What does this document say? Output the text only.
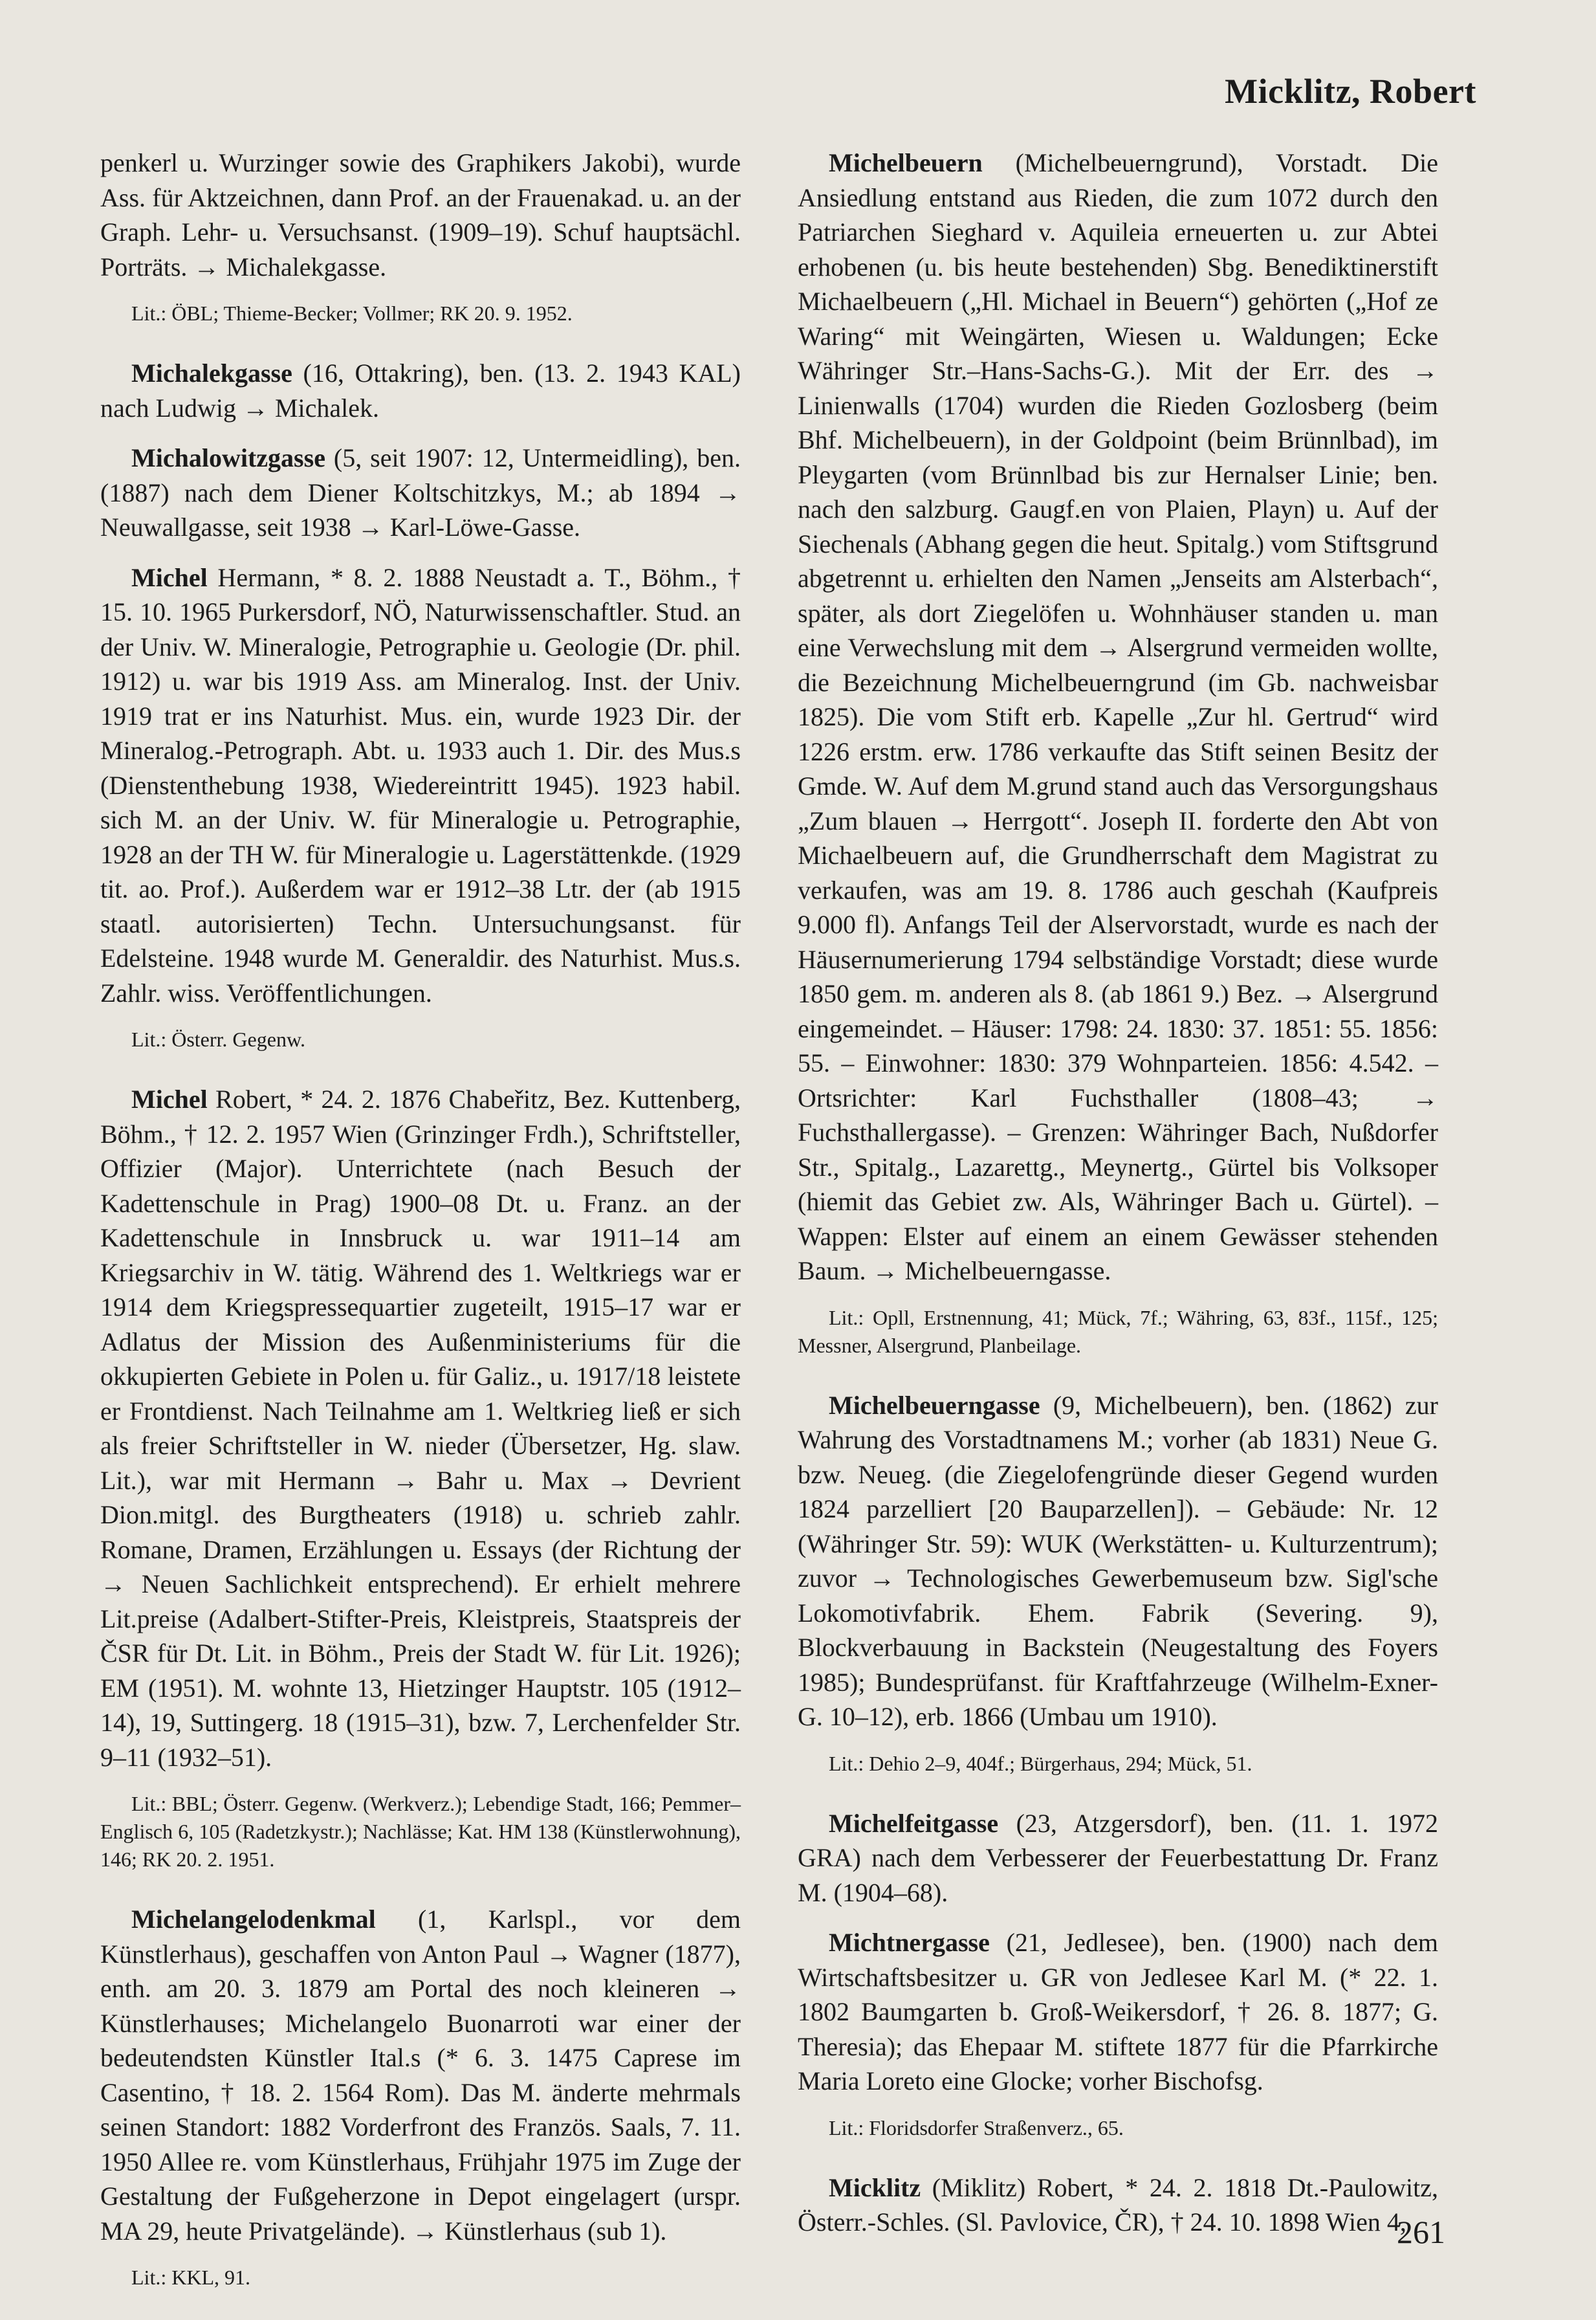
Micklitz, Robert

penkerl u. Wurzinger sowie des Graphikers Jakobi), wurde Ass. für Aktzeichnen, dann Prof. an der Frauenakad. u. an der Graph. Lehr- u. Versuchsanst. (1909–19). Schuf hauptsächl. Porträts. → Michalekgasse.

Lit.: ÖBL; Thieme-Becker; Vollmer; RK 20. 9. 1952.

Michalekgasse (16, Ottakring), ben. (13. 2. 1943 KAL) nach Ludwig → Michalek.

Michalowitzgasse (5, seit 1907: 12, Untermeidling), ben. (1887) nach dem Diener Koltschitzkys, M.; ab 1894 → Neuwallgasse, seit 1938 → Karl-Löwe-Gasse.

Michel Hermann, * 8. 2. 1888 Neustadt a. T., Böhm., † 15. 10. 1965 Purkersdorf, NÖ, Naturwissenschaftler. Stud. an der Univ. W. Mineralogie, Petrographie u. Geologie (Dr. phil. 1912) u. war bis 1919 Ass. am Mineralog. Inst. der Univ. 1919 trat er ins Naturhist. Mus. ein, wurde 1923 Dir. der Mineralog.-Petrograph. Abt. u. 1933 auch 1. Dir. des Mus.s (Dienstenthebung 1938, Wiedereintritt 1945). 1923 habil. sich M. an der Univ. W. für Mineralogie u. Petrographie, 1928 an der TH W. für Mineralogie u. Lagerstättenkde. (1929 tit. ao. Prof.). Außerdem war er 1912–38 Ltr. der (ab 1915 staatl. autorisierten) Techn. Untersuchungsanst. für Edelsteine. 1948 wurde M. Generaldir. des Naturhist. Mus.s. Zahlr. wiss. Veröffentlichungen.

Lit.: Österr. Gegenw.

Michel Robert, * 24. 2. 1876 Chabeřitz, Bez. Kuttenberg, Böhm., † 12. 2. 1957 Wien (Grinzinger Frdh.), Schriftsteller, Offizier (Major). Unterrichtete (nach Besuch der Kadettenschule in Prag) 1900–08 Dt. u. Franz. an der Kadettenschule in Innsbruck u. war 1911–14 am Kriegsarchiv in W. tätig. Während des 1. Weltkriegs war er 1914 dem Kriegspressequartier zugeteilt, 1915–17 war er Adlatus der Mission des Außenministeriums für die okkupierten Gebiete in Polen u. für Galiz., u. 1917/18 leistete er Frontdienst. Nach Teilnahme am 1. Weltkrieg ließ er sich als freier Schriftsteller in W. nieder (Übersetzer, Hg. slaw. Lit.), war mit Hermann → Bahr u. Max → Devrient Dion.mitgl. des Burgtheaters (1918) u. schrieb zahlr. Romane, Dramen, Erzählungen u. Essays (der Richtung der → Neuen Sachlichkeit entsprechend). Er erhielt mehrere Lit.preise (Adalbert-Stifter-Preis, Kleistpreis, Staatspreis der ČSR für Dt. Lit. in Böhm., Preis der Stadt W. für Lit. 1926); EM (1951). M. wohnte 13, Hietzinger Hauptstr. 105 (1912–14), 19, Suttingerg. 18 (1915–31), bzw. 7, Lerchenfelder Str. 9–11 (1932–51).

Lit.: BBL; Österr. Gegenw. (Werkverz.); Lebendige Stadt, 166; Pemmer–Englisch 6, 105 (Radetzkystr.); Nachlässe; Kat. HM 138 (Künstlerwohnung), 146; RK 20. 2. 1951.

Michelangelodenkmal (1, Karlspl., vor dem Künstlerhaus), geschaffen von Anton Paul → Wagner (1877), enth. am 20. 3. 1879 am Portal des noch kleineren → Künstlerhauses; Michelangelo Buonarroti war einer der bedeutendsten Künstler Ital.s (* 6. 3. 1475 Caprese im Casentino, † 18. 2. 1564 Rom). Das M. änderte mehrmals seinen Standort: 1882 Vorderfront des Französ. Saals, 7. 11. 1950 Allee re. vom Künstlerhaus, Frühjahr 1975 im Zuge der Gestaltung der Fußgeherzone in Depot eingelagert (urspr. MA 29, heute Privatgelände). → Künstlerhaus (sub 1).

Lit.: KKL, 91.

Michelbeuern (Michelbeuerngrund), Vorstadt. Die Ansiedlung entstand aus Rieden, die zum 1072 durch den Patriarchen Sieghard v. Aquileia erneuerten u. zur Abtei erhobenen (u. bis heute bestehenden) Sbg. Benediktinerstift Michaelbeuern („Hl. Michael in Beuern“) gehörten („Hof ze Waring“ mit Weingärten, Wiesen u. Waldungen; Ecke Währinger Str.–Hans-Sachs-G.). Mit der Err. des → Linienwalls (1704) wurden die Rieden Gozlosberg (beim Bhf. Michelbeuern), in der Goldpoint (beim Brünnlbad), im Pleygarten (vom Brünnlbad bis zur Hernalser Linie; ben. nach den salzburg. Gaugf.en von Plaien, Playn) u. Auf der Siechenals (Abhang gegen die heut. Spitalg.) vom Stiftsgrund abgetrennt u. erhielten den Namen „Jenseits am Alsterbach“, später, als dort Ziegelöfen u. Wohnhäuser standen u. man eine Verwechslung mit dem → Alsergrund vermeiden wollte, die Bezeichnung Michelbeuerngrund (im Gb. nachweisbar 1825). Die vom Stift erb. Kapelle „Zur hl. Gertrud“ wird 1226 erstm. erw. 1786 verkaufte das Stift seinen Besitz der Gmde. W. Auf dem M.grund stand auch das Versorgungshaus „Zum blauen → Herrgott“. Joseph II. forderte den Abt von Michaelbeuern auf, die Grundherrschaft dem Magistrat zu verkaufen, was am 19. 8. 1786 auch geschah (Kaufpreis 9.000 fl). Anfangs Teil der Alservorstadt, wurde es nach der Häusernumerierung 1794 selbständige Vorstadt; diese wurde 1850 gem. m. anderen als 8. (ab 1861 9.) Bez. → Alsergrund eingemeindet. – Häuser: 1798: 24. 1830: 37. 1851: 55. 1856: 55. – Einwohner: 1830: 379 Wohnparteien. 1856: 4.542. – Ortsrichter: Karl Fuchsthaller (1808–43; → Fuchsthallergasse). – Grenzen: Währinger Bach, Nußdorfer Str., Spitalg., Lazarettg., Meynertg., Gürtel bis Volksoper (hiemit das Gebiet zw. Als, Währinger Bach u. Gürtel). – Wappen: Elster auf einem an einem Gewässer stehenden Baum. → Michelbeuerngasse.

Lit.: Opll, Erstnennung, 41; Mück, 7f.; Währing, 63, 83f., 115f., 125; Messner, Alsergrund, Planbeilage.

Michelbeuerngasse (9, Michelbeuern), ben. (1862) zur Wahrung des Vorstadtnamens M.; vorher (ab 1831) Neue G. bzw. Neueg. (die Ziegelofengründe dieser Gegend wurden 1824 parzelliert [20 Bauparzellen]). – Gebäude: Nr. 12 (Währinger Str. 59): WUK (Werkstätten- u. Kulturzentrum); zuvor → Technologisches Gewerbemuseum bzw. Sigl'sche Lokomotivfabrik. Ehem. Fabrik (Severing. 9), Blockverbauung in Backstein (Neugestaltung des Foyers 1985); Bundesprüfanst. für Kraftfahrzeuge (Wilhelm-Exner-G. 10–12), erb. 1866 (Umbau um 1910).

Lit.: Dehio 2–9, 404f.; Bürgerhaus, 294; Mück, 51.

Michelfeitgasse (23, Atzgersdorf), ben. (11. 1. 1972 GRA) nach dem Verbesserer der Feuerbestattung Dr. Franz M. (1904–68).

Michtnergasse (21, Jedlesee), ben. (1900) nach dem Wirtschaftsbesitzer u. GR von Jedlesee Karl M. (* 22. 1. 1802 Baumgarten b. Groß-Weikersdorf, † 26. 8. 1877; G. Theresia); das Ehepaar M. stiftete 1877 für die Pfarrkirche Maria Loreto eine Glocke; vorher Bischofsg.

Lit.: Floridsdorfer Straßenverz., 65.

Micklitz (Miklitz) Robert, * 24. 2. 1818 Dt.-Paulowitz, Österr.-Schles. (Sl. Pavlovice, ČR), † 24. 10. 1898 Wien 4,

261
